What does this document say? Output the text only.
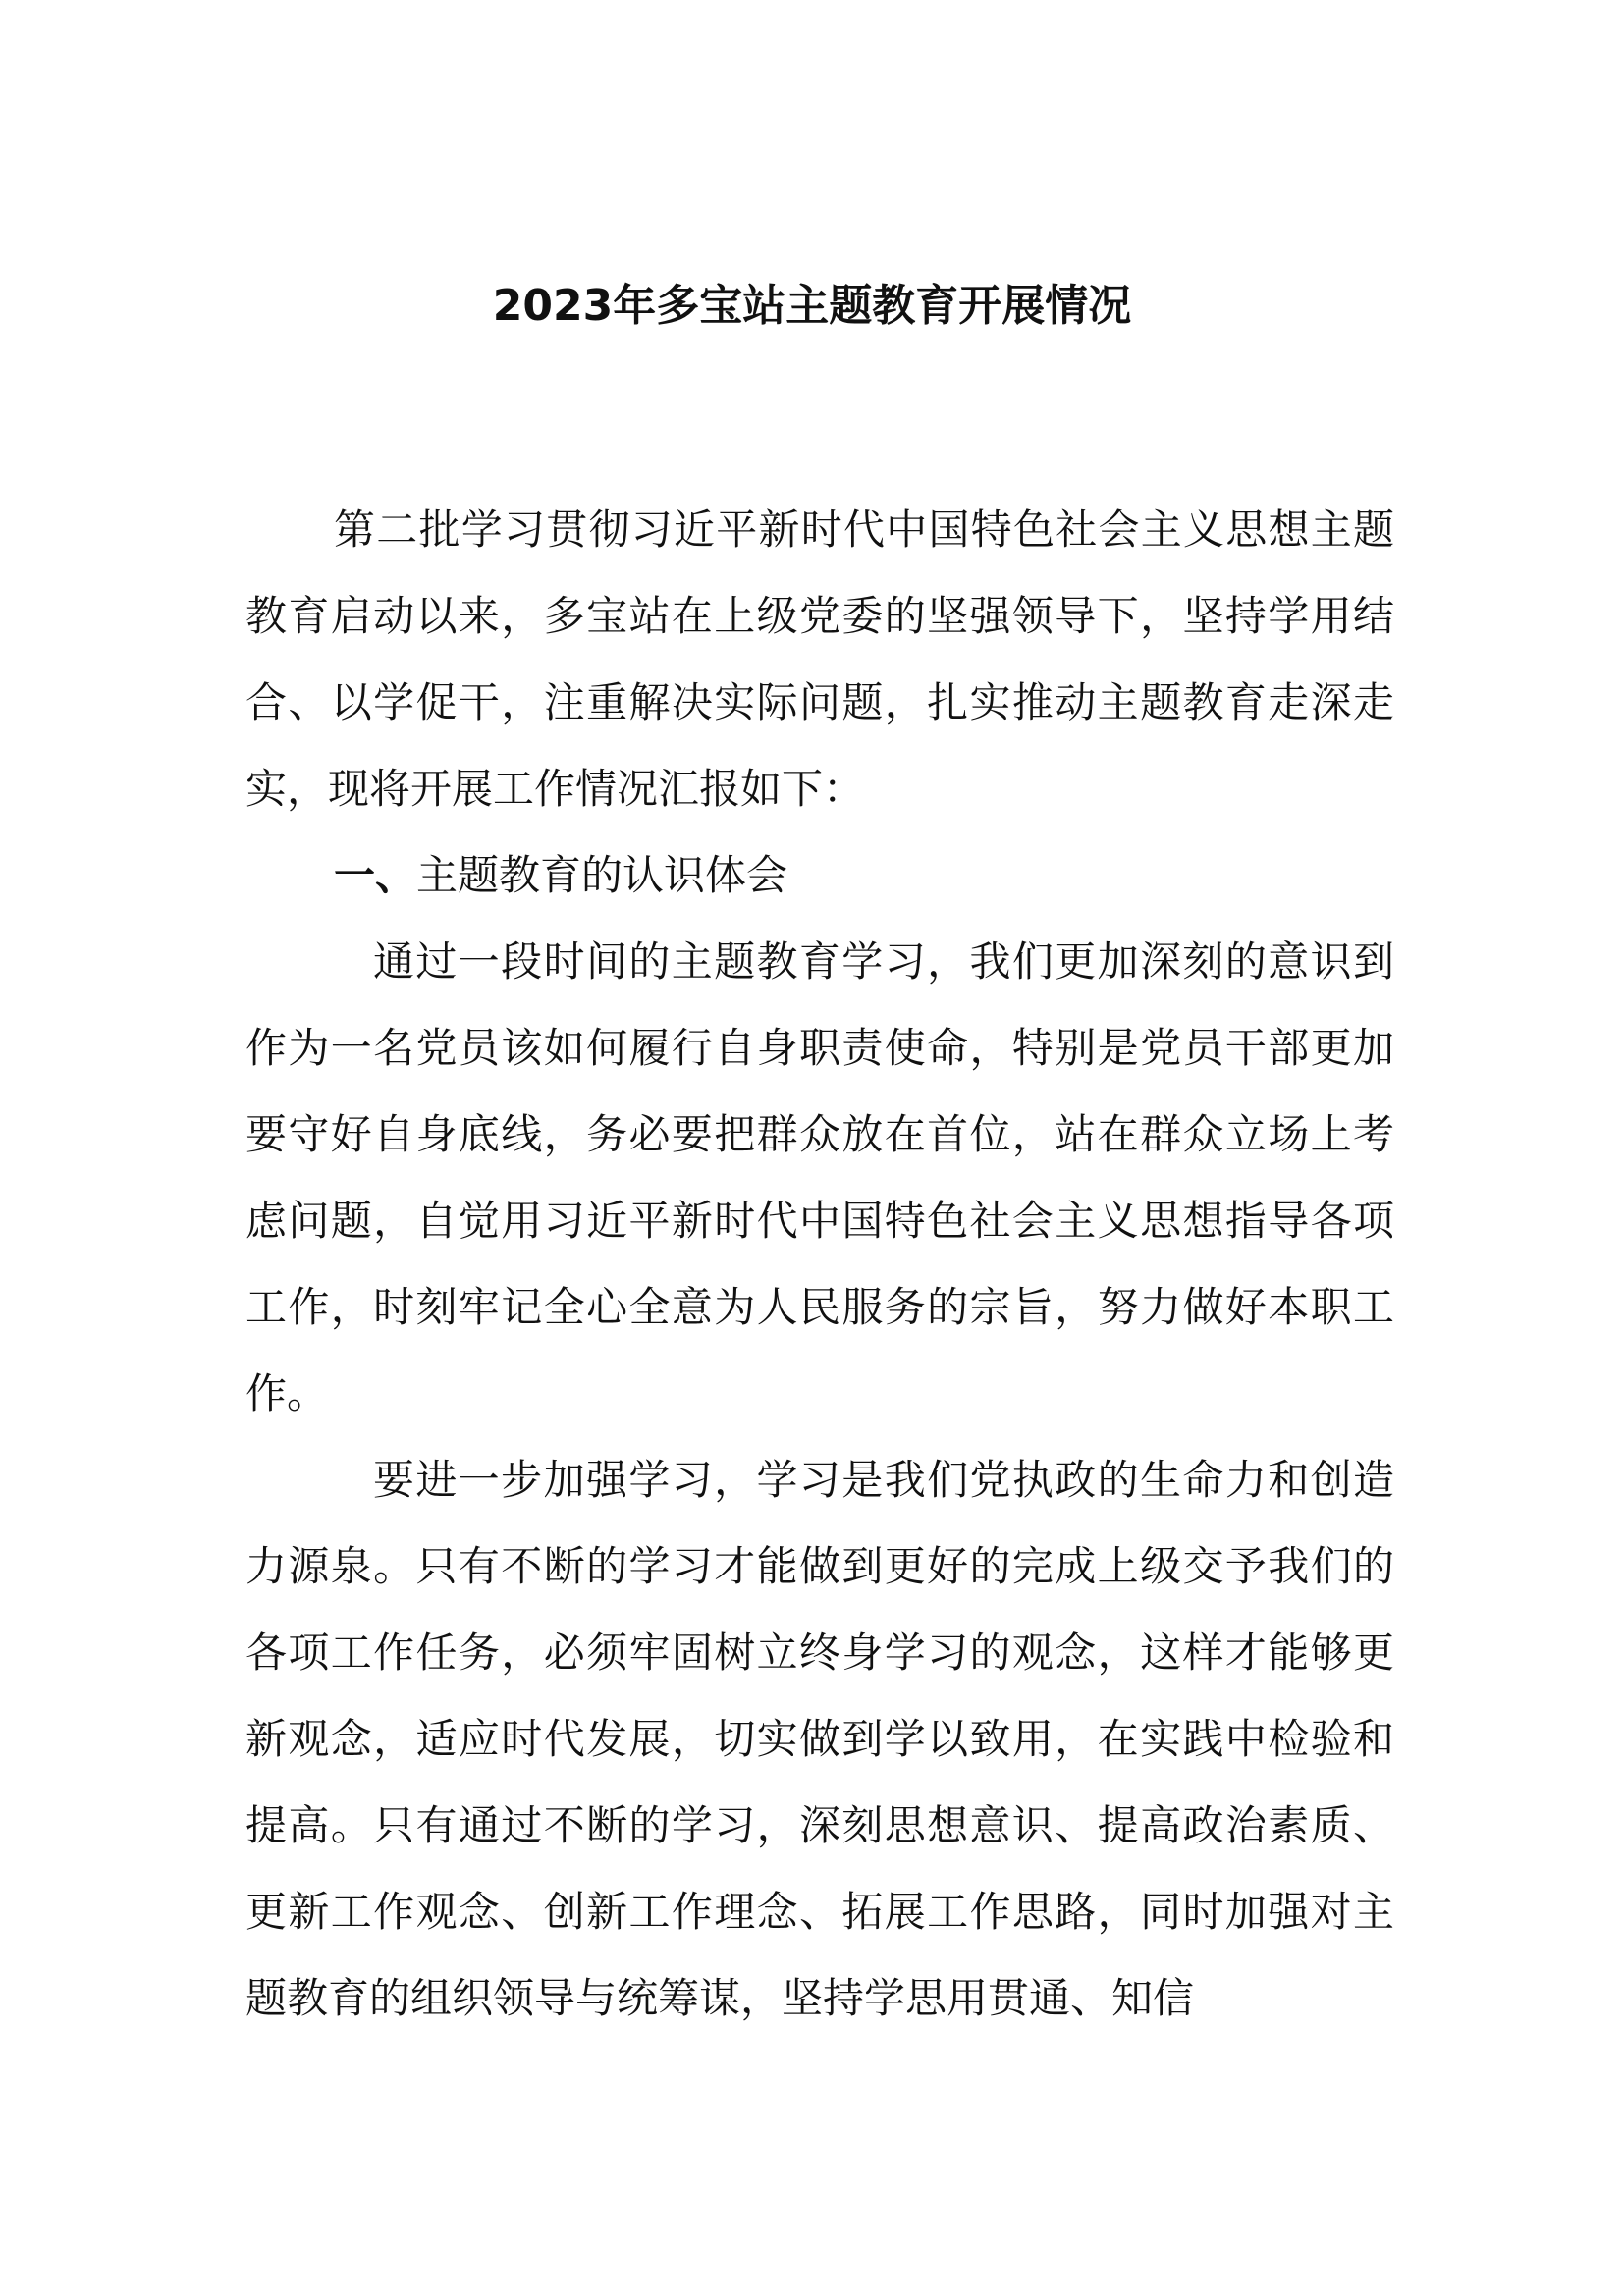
2023年多宝站主题教育开展情况

第二批学习贯彻习近平新时代中国特色社会主义思想主题教育启动以来，多宝站在上级党委的坚强领导下，坚持学用结合、以学促干，注重解决实际问题，扎实推动主题教育走深走实，现将开展工作情况汇报如下：

一、主题教育的认识体会

通过一段时间的主题教育学习，我们更加深刻的意识到作为一名党员该如何履行自身职责使命，特别是党员干部更加要守好自身底线，务必要把群众放在首位，站在群众立场上考虑问题，自觉用习近平新时代中国特色社会主义思想指导各项工作，时刻牢记全心全意为人民服务的宗旨，努力做好本职工作。

要进一步加强学习，学习是我们党执政的生命力和创造力源泉。只有不断的学习才能做到更好的完成上级交予我们的各项工作任务，必须牢固树立终身学习的观念，这样才能够更新观念，适应时代发展，切实做到学以致用，在实践中检验和提高。只有通过不断的学习，深刻思想意识、提高政治素质、更新工作观念、创新工作理念、拓展工作思路，同时加强对主题教育的组织领导与统筹谋，坚持学思用贯通、知信
